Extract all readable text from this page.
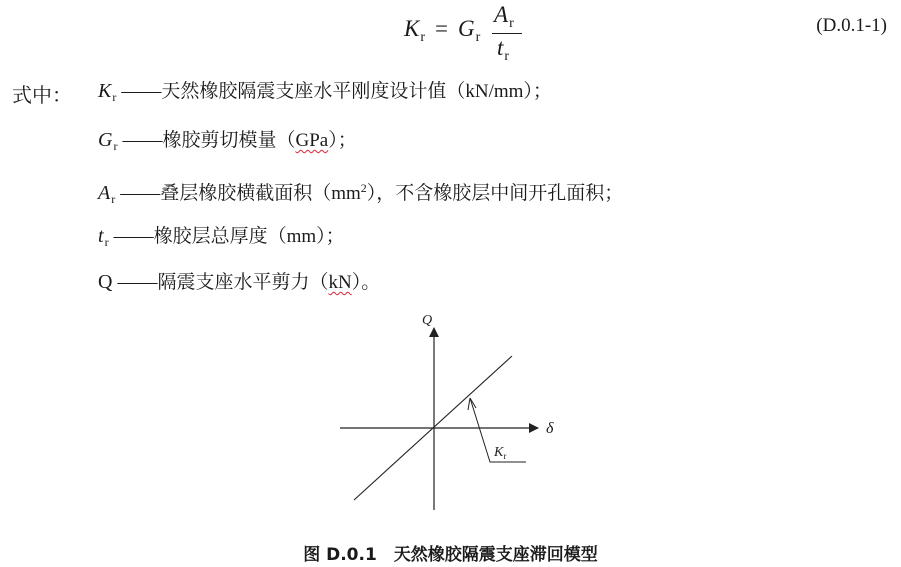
$K_r = G_r$
$A_r$
$t_r$
(D.0.1-1)
式中： $K_r$ ——天然橡胶隔震支座水平刚度设计值（kN/mm）；
$G_r$ ——橡胶剪切模量（GPa）；
$A_r$ ——叠层橡胶横截面积$(mm^2)$，不含橡胶层中间开孔面积；
$t_r$ ——橡胶层总厚度（mm）；
Q ——隔震支座水平剪力（kN）。
Q
δ
$K_r$
图 D.0.1　天然橡胶隔震支座滞回模型
